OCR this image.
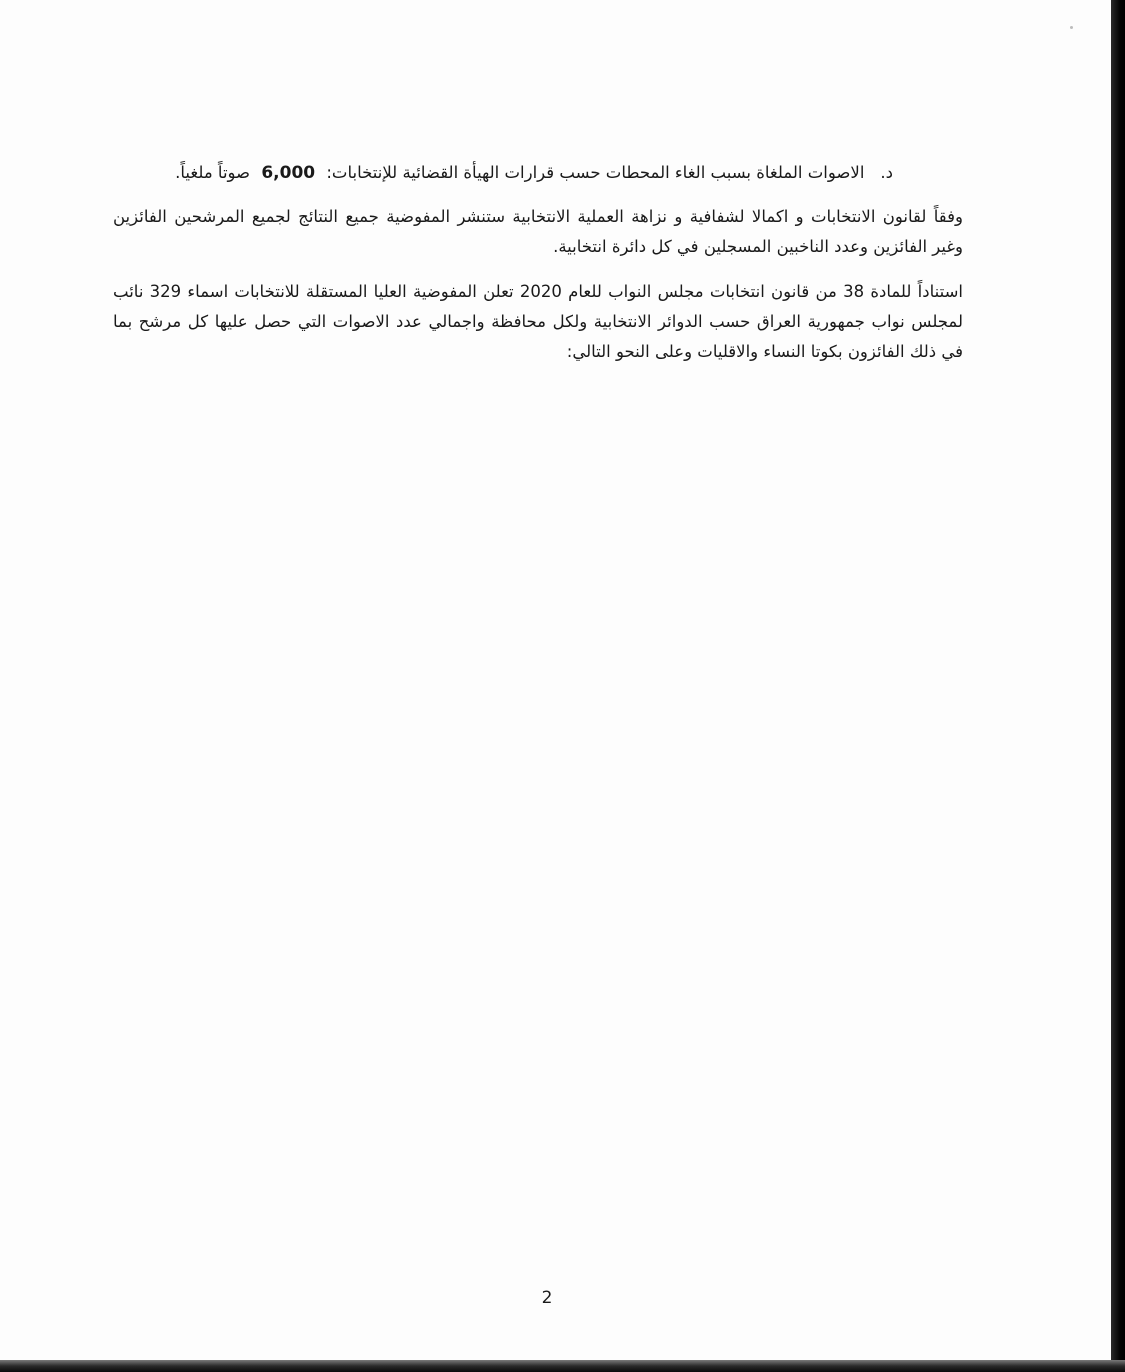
د.الاصوات الملغاة بسبب الغاء المحطات حسب قرارات الهيأة القضائية للإنتخابات: 6,000 صوتاً ملغياً.
وفقاً لقانون الانتخابات و اكمالا لشفافية و نزاهة العملية الانتخابية ستنشر المفوضية جميع النتائج لجميع المرشحين الفائزين وغير الفائزين وعدد الناخبين المسجلين في كل دائرة انتخابية.
استناداً للمادة 38 من قانون انتخابات مجلس النواب للعام 2020 تعلن المفوضية العليا المستقلة للانتخابات اسماء 329 نائب لمجلس نواب جمهورية العراق حسب الدوائر الانتخابية ولكل محافظة واجمالي عدد الاصوات التي حصل عليها كل مرشح بما في ذلك الفائزون بكوتا النساء والاقليات وعلى النحو التالي:
2
